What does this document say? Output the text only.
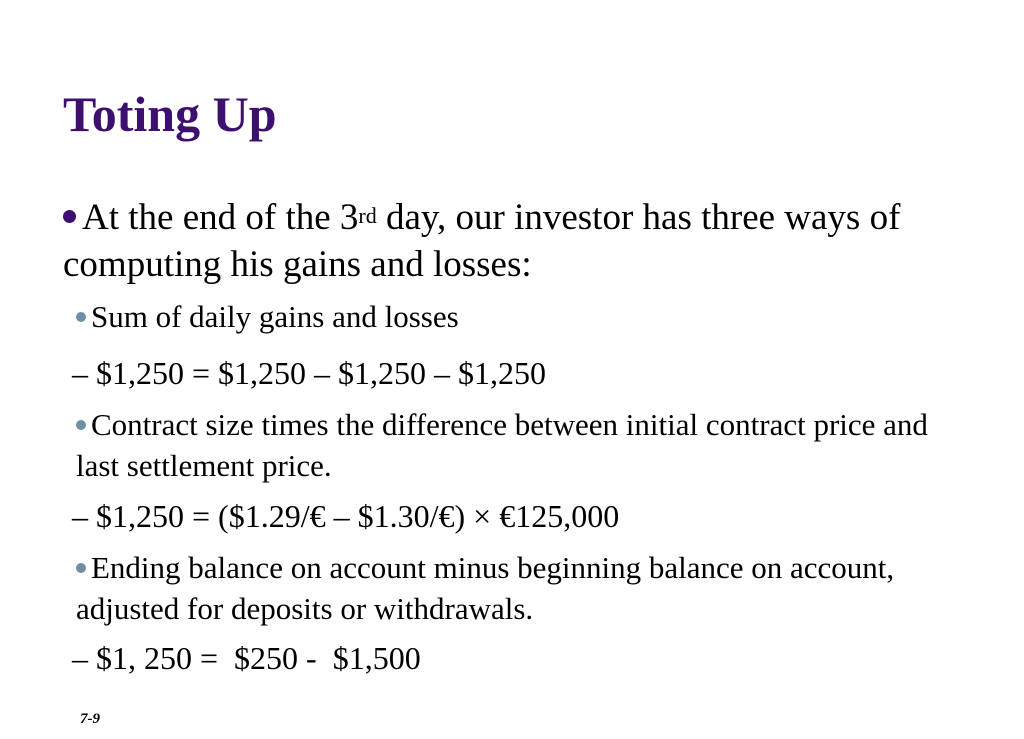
Toting Up
At the end of the 3rd day, our investor has three ways of computing his gains and losses:
Sum of daily gains and losses
– $1,250 = $1,250 – $1,250 – $1,250
Contract size times the difference between initial contract price and last settlement price.
– $1,250 = ($1.29/€ – $1.30/€) × €125,000
Ending balance on account minus beginning balance on account, adjusted for deposits or withdrawals.
– $1, 250 =  $250 -  $1,500
7-9
